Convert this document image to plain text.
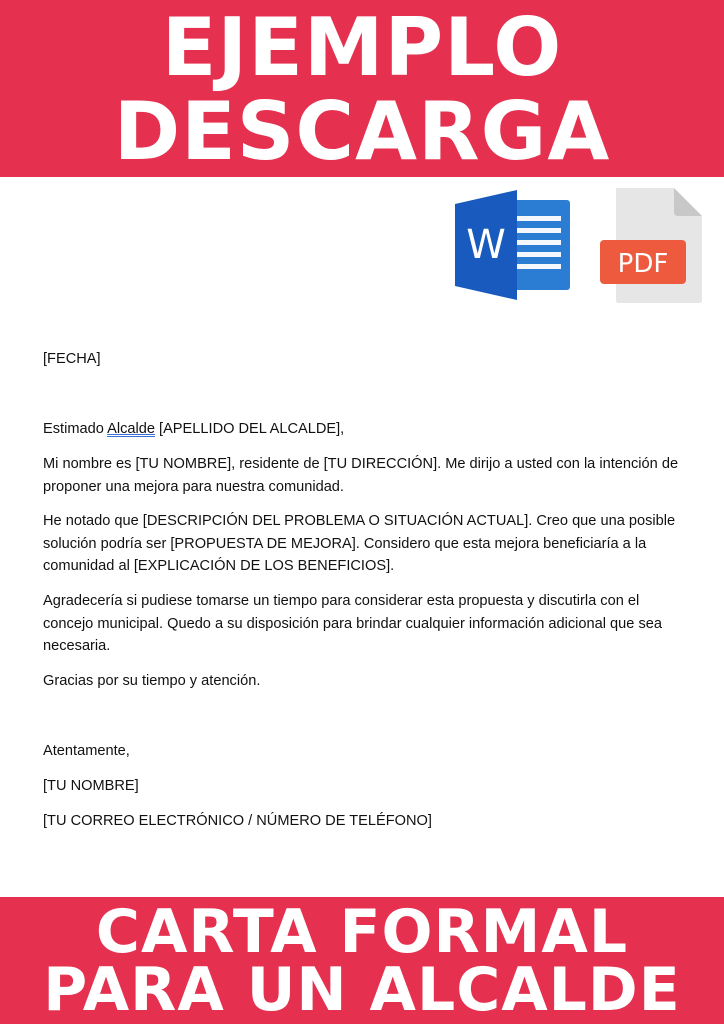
EJEMPLO
DESCARGA
W	PDF

[FECHA]

Estimado Alcalde [APELLIDO DEL ALCALDE],

Mi nombre es [TU NOMBRE], residente de [TU DIRECCIÓN]. Me dirijo a usted con la intención de proponer una mejora para nuestra comunidad.

He notado que [DESCRIPCIÓN DEL PROBLEMA O SITUACIÓN ACTUAL]. Creo que una posible solución podría ser [PROPUESTA DE MEJORA]. Considero que esta mejora beneficiaría a la comunidad al [EXPLICACIÓN DE LOS BENEFICIOS].

Agradecería si pudiese tomarse un tiempo para considerar esta propuesta y discutirla con el concejo municipal. Quedo a su disposición para brindar cualquier información adicional que sea necesaria.

Gracias por su tiempo y atención.

Atentamente,

[TU NOMBRE]

[TU CORREO ELECTRÓNICO / NÚMERO DE TELÉFONO]

CARTA FORMAL
PARA UN ALCALDE
